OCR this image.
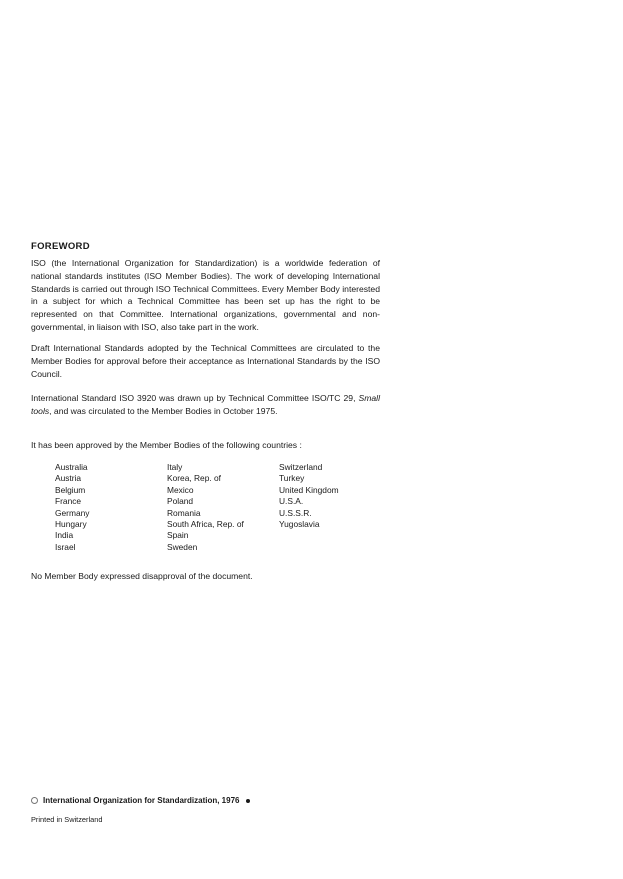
FOREWORD

ISO (the International Organization for Standardization) is a worldwide federation of national standards institutes (ISO Member Bodies). The work of developing International Standards is carried out through ISO Technical Committees. Every Member Body interested in a subject for which a Technical Committee has been set up has the right to be represented on that Committee. International organizations, governmental and non-governmental, in liaison with ISO, also take part in the work.

Draft International Standards adopted by the Technical Committees are circulated to the Member Bodies for approval before their acceptance as International Standards by the ISO Council.

International Standard ISO 3920 was drawn up by Technical Committee ISO/TC 29, Small tools, and was circulated to the Member Bodies in October 1975.

It has been approved by the Member Bodies of the following countries :

Australia
Austria
Belgium
France
Germany
Hungary
India
Israel
Italy
Korea, Rep. of
Mexico
Poland
Romania
South Africa, Rep. of
Spain
Sweden
Switzerland
Turkey
United Kingdom
U.S.A.
U.S.S.R.
Yugoslavia

No Member Body expressed disapproval of the document.

International Organization for Standardization, 1976
Printed in Switzerland
